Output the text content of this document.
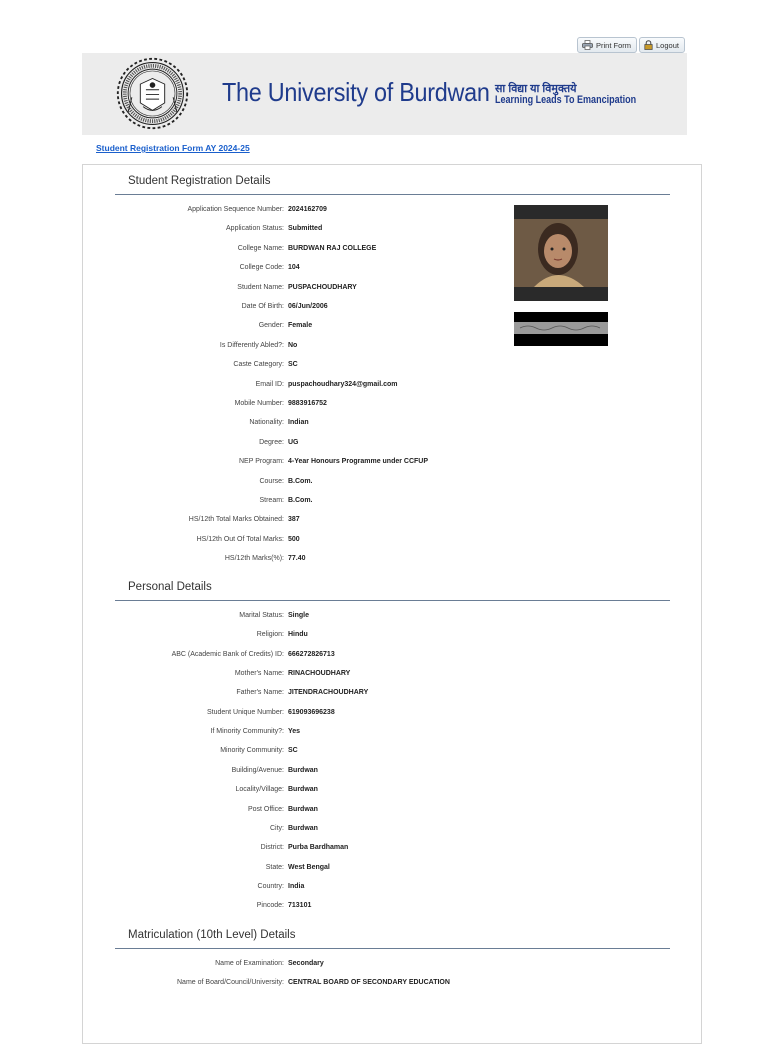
Print Form	Logout
The University of Burdwan सा विद्या या विमुक्तये
Learning Leads To Emancipation
Student Registration Form AY 2024-25
Student Registration Details
Application Sequence Number: 2024162709
Application Status: Submitted
College Name: BURDWAN RAJ COLLEGE
College Code: 104
Student Name: PUSPACHOUDHARY
Date Of Birth: 06/Jun/2006
Gender: Female
Is Differently Abled?: No
Caste Category: SC
Email ID: puspachoudhary324@gmail.com
Mobile Number: 9883916752
Nationality: Indian
Degree: UG
NEP Program: 4-Year Honours Programme under CCFUP
Course: B.Com.
Stream: B.Com.
HS/12th Total Marks Obtained: 387
HS/12th Out Of Total Marks: 500
HS/12th Marks(%): 77.40
Personal Details
Marital Status: Single
Religion: Hindu
ABC (Academic Bank of Credits) ID: 666272826713
Mother's Name: RINACHOUDHARY
Father's Name: JITENDRACHOUDHARY
Student Unique Number: 619093696238
If Minority Community?: Yes
Minority Community: SC
Building/Avenue: Burdwan
Locality/Village: Burdwan
Post Office: Burdwan
City: Burdwan
District: Purba Bardhaman
State: West Bengal
Country: India
Pincode: 713101
Matriculation (10th Level) Details
Name of Examination: Secondary
Name of Board/Council/University: CENTRAL BOARD OF SECONDARY EDUCATION
